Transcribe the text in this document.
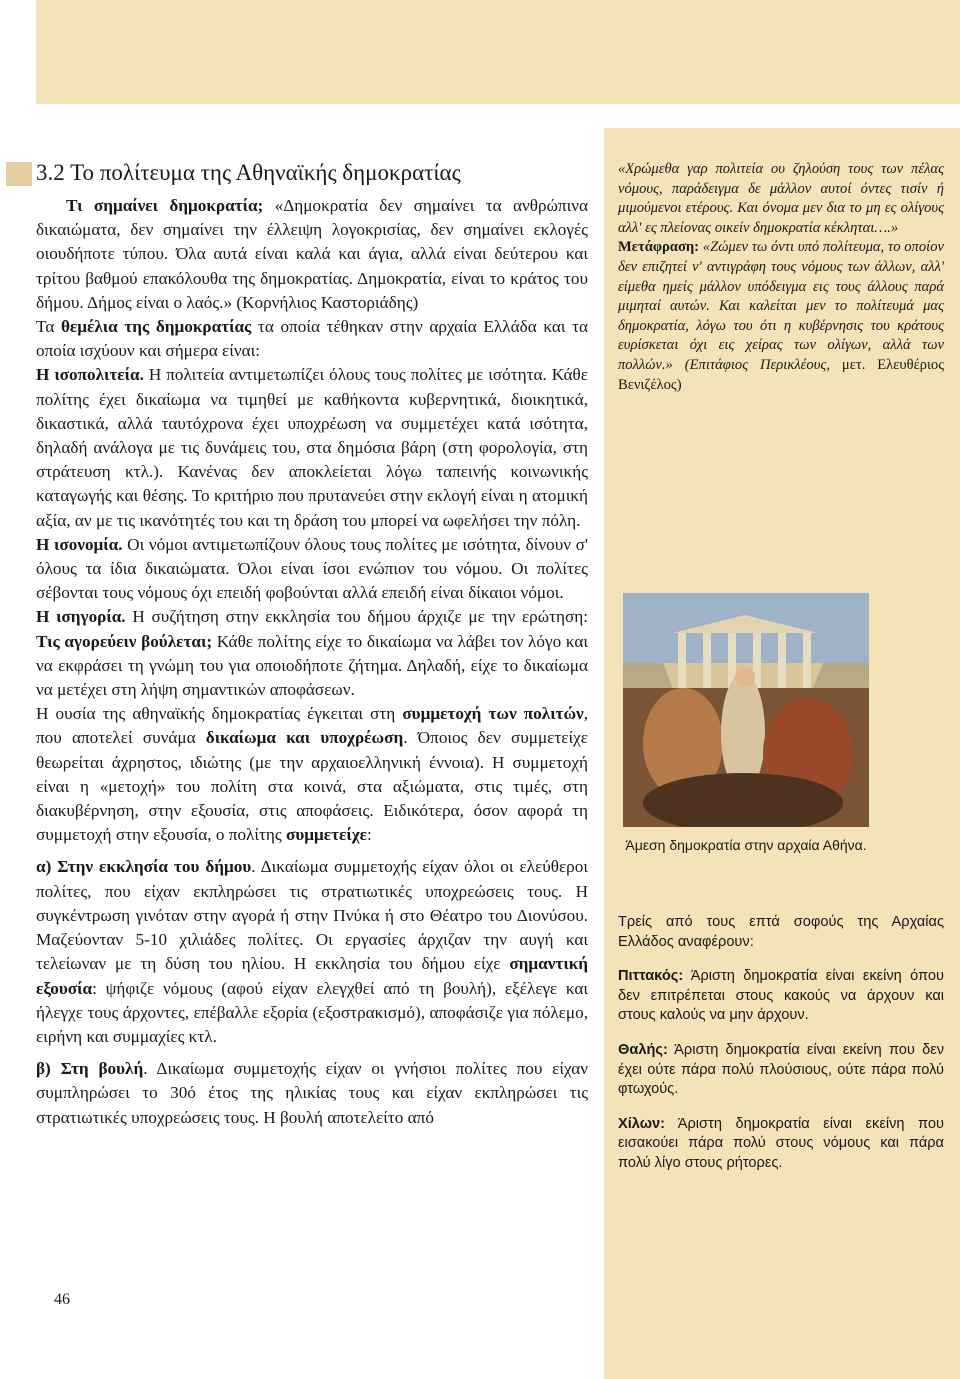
3.2 Το πολίτευμα της Αθηναϊκής δημοκρατίας

Τι σημαίνει δημοκρατία; «Δημοκρατία δεν σημαίνει τα ανθρώπινα δικαιώματα, δεν σημαίνει την έλλειψη λογοκρισίας, δεν σημαίνει εκλογές οιουδήποτε τύπου. Όλα αυτά είναι καλά και άγια, αλλά είναι δεύτερου και τρίτου βαθμού επακόλουθα της δημοκρατίας. Δημοκρατία, είναι το κράτος του δήμου. Δήμος είναι ο λαός.» (Κορνήλιος Καστοριάδης)

Τα θεμέλια της δημοκρατίας τα οποία τέθηκαν στην αρχαία Ελλάδα και τα οποία ισχύουν και σήμερα είναι:

Η ισοπολιτεία. Η πολιτεία αντιμετωπίζει όλους τους πολίτες με ισότητα. Κάθε πολίτης έχει δικαίωμα να τιμηθεί με καθήκοντα κυβερνητικά, διοικητικά, δικαστικά, αλλά ταυτόχρονα έχει υποχρέωση να συμμετέχει κατά ισότητα, δηλαδή ανάλογα με τις δυνάμεις του, στα δημόσια βάρη (στη φορολογία, στη στράτευση κτλ.). Κανένας δεν αποκλείεται λόγω ταπεινής κοινωνικής καταγωγής και θέσης. Το κριτήριο που πρυτανεύει στην εκλογή είναι η ατομική αξία, αν με τις ικανότητές του και τη δράση του μπορεί να ωφελήσει την πόλη.

Η ισονομία. Οι νόμοι αντιμετωπίζουν όλους τους πολίτες με ισότητα, δίνουν σ' όλους τα ίδια δικαιώματα. Όλοι είναι ίσοι ενώπιον του νόμου. Οι πολίτες σέβονται τους νόμους όχι επειδή φοβούνται αλλά επειδή είναι δίκαιοι νόμοι.

Η ισηγορία. Η συζήτηση στην εκκλησία του δήμου άρχιζε με την ερώτηση: Τις αγορεύειν βούλεται; Κάθε πολίτης είχε το δικαίωμα να λάβει τον λόγο και να εκφράσει τη γνώμη του για οποιοδήποτε ζήτημα. Δηλαδή, είχε το δικαίωμα να μετέχει στη λήψη σημαντικών αποφάσεων.

Η ουσία της αθηναϊκής δημοκρατίας έγκειται στη συμμετοχή των πολιτών, που αποτελεί συνάμα δικαίωμα και υποχρέωση. Όποιος δεν συμμετείχε θεωρείται άχρηστος, ιδιώτης (με την αρχαιοελληνική έννοια). Η συμμετοχή είναι η «μετοχή» του πολίτη στα κοινά, στα αξιώματα, στις τιμές, στη διακυβέρνηση, στην εξουσία, στις αποφάσεις. Ειδικότερα, όσον αφορά τη συμμετοχή στην εξουσία, ο πολίτης συμμετείχε:

α) Στην εκκλησία του δήμου. Δικαίωμα συμμετοχής είχαν όλοι οι ελεύθεροι πολίτες, που είχαν εκπληρώσει τις στρατιωτικές υποχρεώσεις τους. Η συγκέντρωση γινόταν στην αγορά ή στην Πνύκα ή στο Θέατρο του Διονύσου. Μαζεύονταν 5-10 χιλιάδες πολίτες. Οι εργασίες άρχιζαν την αυγή και τελείωναν με τη δύση του ηλίου. Η εκκλησία του δήμου είχε σημαντική εξουσία: ψήφιζε νόμους (αφού είχαν ελεγχθεί από τη βουλή), εξέλεγε και ήλεγχε τους άρχοντες, επέβαλλε εξορία (εξοστρακισμό), αποφάσιζε για πόλεμο, ειρήνη και συμμαχίες κτλ.

β) Στη βουλή. Δικαίωμα συμμετοχής είχαν οι γνήσιοι πολίτες που είχαν συμπληρώσει το 30ό έτος της ηλικίας τους και είχαν εκπληρώσει τις στρατιωτικές υποχρεώσεις τους. Η βουλή αποτελείτο από

«Χρώμεθα γαρ πολιτεία ου ζηλούση τους των πέλας νόμους, παράδειγμα δε μάλλον αυτοί όντες τισίν ή μιμούμενοι ετέρους. Και όνομα μεν δια το μη ες ολίγους αλλ' ες πλείονας οικείν δημοκρατία κέκληται….»

Μετάφραση: «Ζώμεν τω όντι υπό πολίτευμα, το οποίον δεν επιζητεί ν' αντιγράφη τους νόμους των άλλων, αλλ' είμεθα ημείς μάλλον υπόδειγμα εις τους άλλους παρά μιμηταί αυτών. Και καλείται μεν το πολίτευμά μας δημοκρατία, λόγω του ότι η κυβέρνησις του κράτους ευρίσκεται όχι εις χείρας των ολίγων, αλλά των πολλών.» (Επιτάφιος Περικλέους, μετ. Ελευθέριος Βενιζέλος)

Άμεση δημοκρατία στην αρχαία Αθήνα.

Τρείς από τους επτά σοφούς της Αρχαίας Ελλάδος αναφέρουν:

Πιττακός: Άριστη δημοκρατία είναι εκείνη όπου δεν επιτρέπεται στους κακούς να άρχουν και στους καλούς να μην άρχουν.

Θαλής: Άριστη δημοκρατία είναι εκείνη που δεν έχει ούτε πάρα πολύ πλούσιους, ούτε πάρα πολύ φτωχούς.

Χίλων: Άριστη δημοκρατία είναι εκείνη που εισακούει πάρα πολύ στους νόμους και πάρα πολύ λίγο στους ρήτορες.

46
